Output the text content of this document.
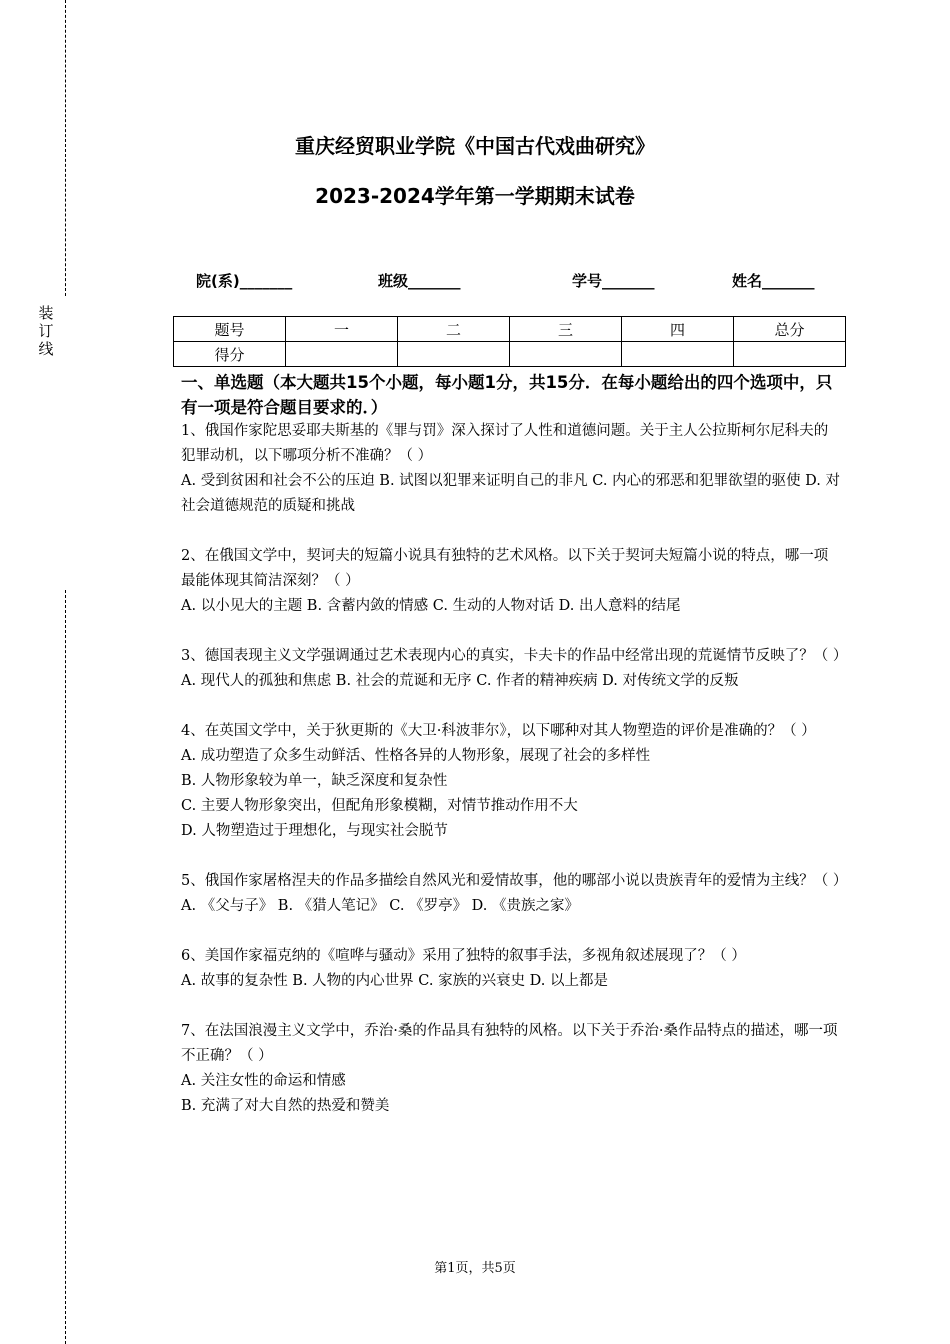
装订线
重庆经贸职业学院《中国古代戏曲研究》
2023-2024学年第一学期期末试卷
院(系)_______	班级_______	学号_______	姓名_______
题号	一	二	三	四	总分
得分					
一、单选题（本大题共15个小题，每小题1分，共15分．在每小题给出的四个选项中，只有一项是符合题目要求的．）

1、俄国作家陀思妥耶夫斯基的《罪与罚》深入探讨了人性和道德问题。关于主人公拉斯柯尔尼科夫的犯罪动机，以下哪项分析不准确？（ ）

A. 受到贫困和社会不公的压迫 B. 试图以犯罪来证明自己的非凡 C. 内心的邪恶和犯罪欲望的驱使 D. 对社会道德规范的质疑和挑战

2、在俄国文学中，契诃夫的短篇小说具有独特的艺术风格。以下关于契诃夫短篇小说的特点，哪一项最能体现其简洁深刻？（ ）

A. 以小见大的主题 B. 含蓄内敛的情感 C. 生动的人物对话 D. 出人意料的结尾

3、德国表现主义文学强调通过艺术表现内心的真实，卡夫卡的作品中经常出现的荒诞情节反映了？（ ）

A. 现代人的孤独和焦虑 B. 社会的荒诞和无序 C. 作者的精神疾病 D. 对传统文学的反叛

4、在英国文学中，关于狄更斯的《大卫·科波菲尔》，以下哪种对其人物塑造的评价是准确的？（ ）

A. 成功塑造了众多生动鲜活、性格各异的人物形象，展现了社会的多样性

B. 人物形象较为单一，缺乏深度和复杂性

C. 主要人物形象突出，但配角形象模糊，对情节推动作用不大

D. 人物塑造过于理想化，与现实社会脱节

5、俄国作家屠格涅夫的作品多描绘自然风光和爱情故事，他的哪部小说以贵族青年的爱情为主线？（ ）

A. 《父与子》 B. 《猎人笔记》 C. 《罗亭》 D. 《贵族之家》

6、美国作家福克纳的《喧哗与骚动》采用了独特的叙事手法，多视角叙述展现了？（ ）

A. 故事的复杂性 B. 人物的内心世界 C. 家族的兴衰史 D. 以上都是

7、在法国浪漫主义文学中，乔治·桑的作品具有独特的风格。以下关于乔治·桑作品特点的描述，哪一项不正确？（ ）

A. 关注女性的命运和情感

B. 充满了对大自然的热爱和赞美

第1页，共5页
